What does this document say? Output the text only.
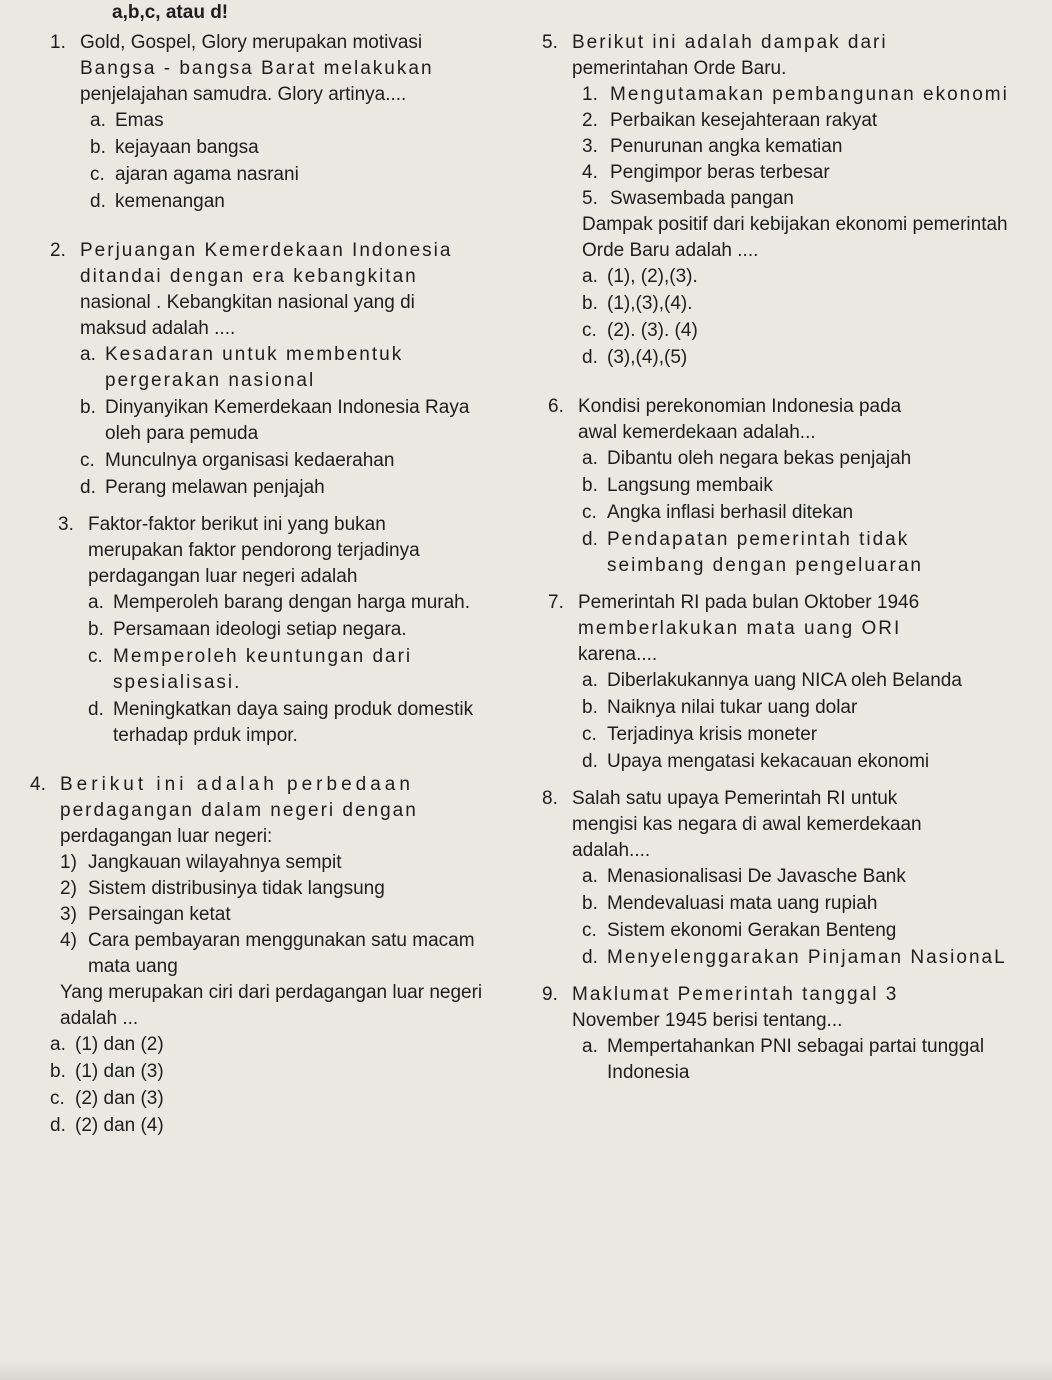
a,b,c, atau d!
1. Gold, Gospel, Glory merupakan motivasi
Bangsa - bangsa Barat melakukan
penjelajahan samudra. Glory artinya....
a. Emas
b. kejayaan bangsa
c. ajaran agama nasrani
d. kemenangan
2. Perjuangan Kemerdekaan Indonesia
ditandai dengan era kebangkitan
nasional . Kebangkitan nasional yang di
maksud adalah ....
a. Kesadaran untuk membentuk pergerakan nasional
b. Dinyanyikan Kemerdekaan Indonesia Raya oleh para pemuda
c. Munculnya organisasi kedaerahan
d. Perang melawan penjajah
3. Faktor-faktor berikut ini yang bukan
merupakan faktor pendorong terjadinya
perdagangan luar negeri adalah
a. Memperoleh barang dengan harga murah.
b. Persamaan ideologi setiap negara.
c. Memperoleh keuntungan dari spesialisasi.
d. Meningkatkan daya saing produk domestik terhadap prduk impor.
4. Berikut ini adalah perbedaan
perdagangan dalam negeri dengan
perdagangan luar negeri:
1) Jangkauan wilayahnya sempit
2) Sistem distribusinya tidak langsung
3) Persaingan ketat
4) Cara pembayaran menggunakan satu macam mata uang
Yang merupakan ciri dari perdagangan luar negeri adalah ...
a. (1) dan (2)
b. (1) dan (3)
c. (2) dan (3)
d. (2) dan (4)
5. Berikut ini adalah dampak dari
pemerintahan Orde Baru.
1. Mengutamakan pembangunan ekonomi
2. Perbaikan kesejahteraan rakyat
3. Penurunan angka kematian
4. Pengimpor beras terbesar
5. Swasembada pangan
Dampak positif dari kebijakan ekonomi pemerintah Orde Baru adalah ....
a. (1), (2),(3).
b. (1),(3),(4).
c. (2). (3). (4)
d. (3),(4),(5)
6. Kondisi perekonomian Indonesia pada
awal kemerdekaan adalah...
a. Dibantu oleh negara bekas penjajah
b. Langsung membaik
c. Angka inflasi berhasil ditekan
d. Pendapatan pemerintah tidak seimbang dengan pengeluaran
7. Pemerintah RI pada bulan Oktober 1946
memberlakukan mata uang ORI
karena....
a. Diberlakukannya uang NICA oleh Belanda
b. Naiknya nilai tukar uang dolar
c. Terjadinya krisis moneter
d. Upaya mengatasi kekacauan ekonomi
8. Salah satu upaya Pemerintah RI untuk
mengisi kas negara di awal kemerdekaan
adalah....
a. Menasionalisasi De Javasche Bank
b. Mendevaluasi mata uang rupiah
c. Sistem ekonomi Gerakan Benteng
d. Menyelenggarakan Pinjaman NasionaL
9. Maklumat Pemerintah tanggal 3
November 1945 berisi tentang...
a. Mempertahankan PNI sebagai partai tunggal Indonesia
